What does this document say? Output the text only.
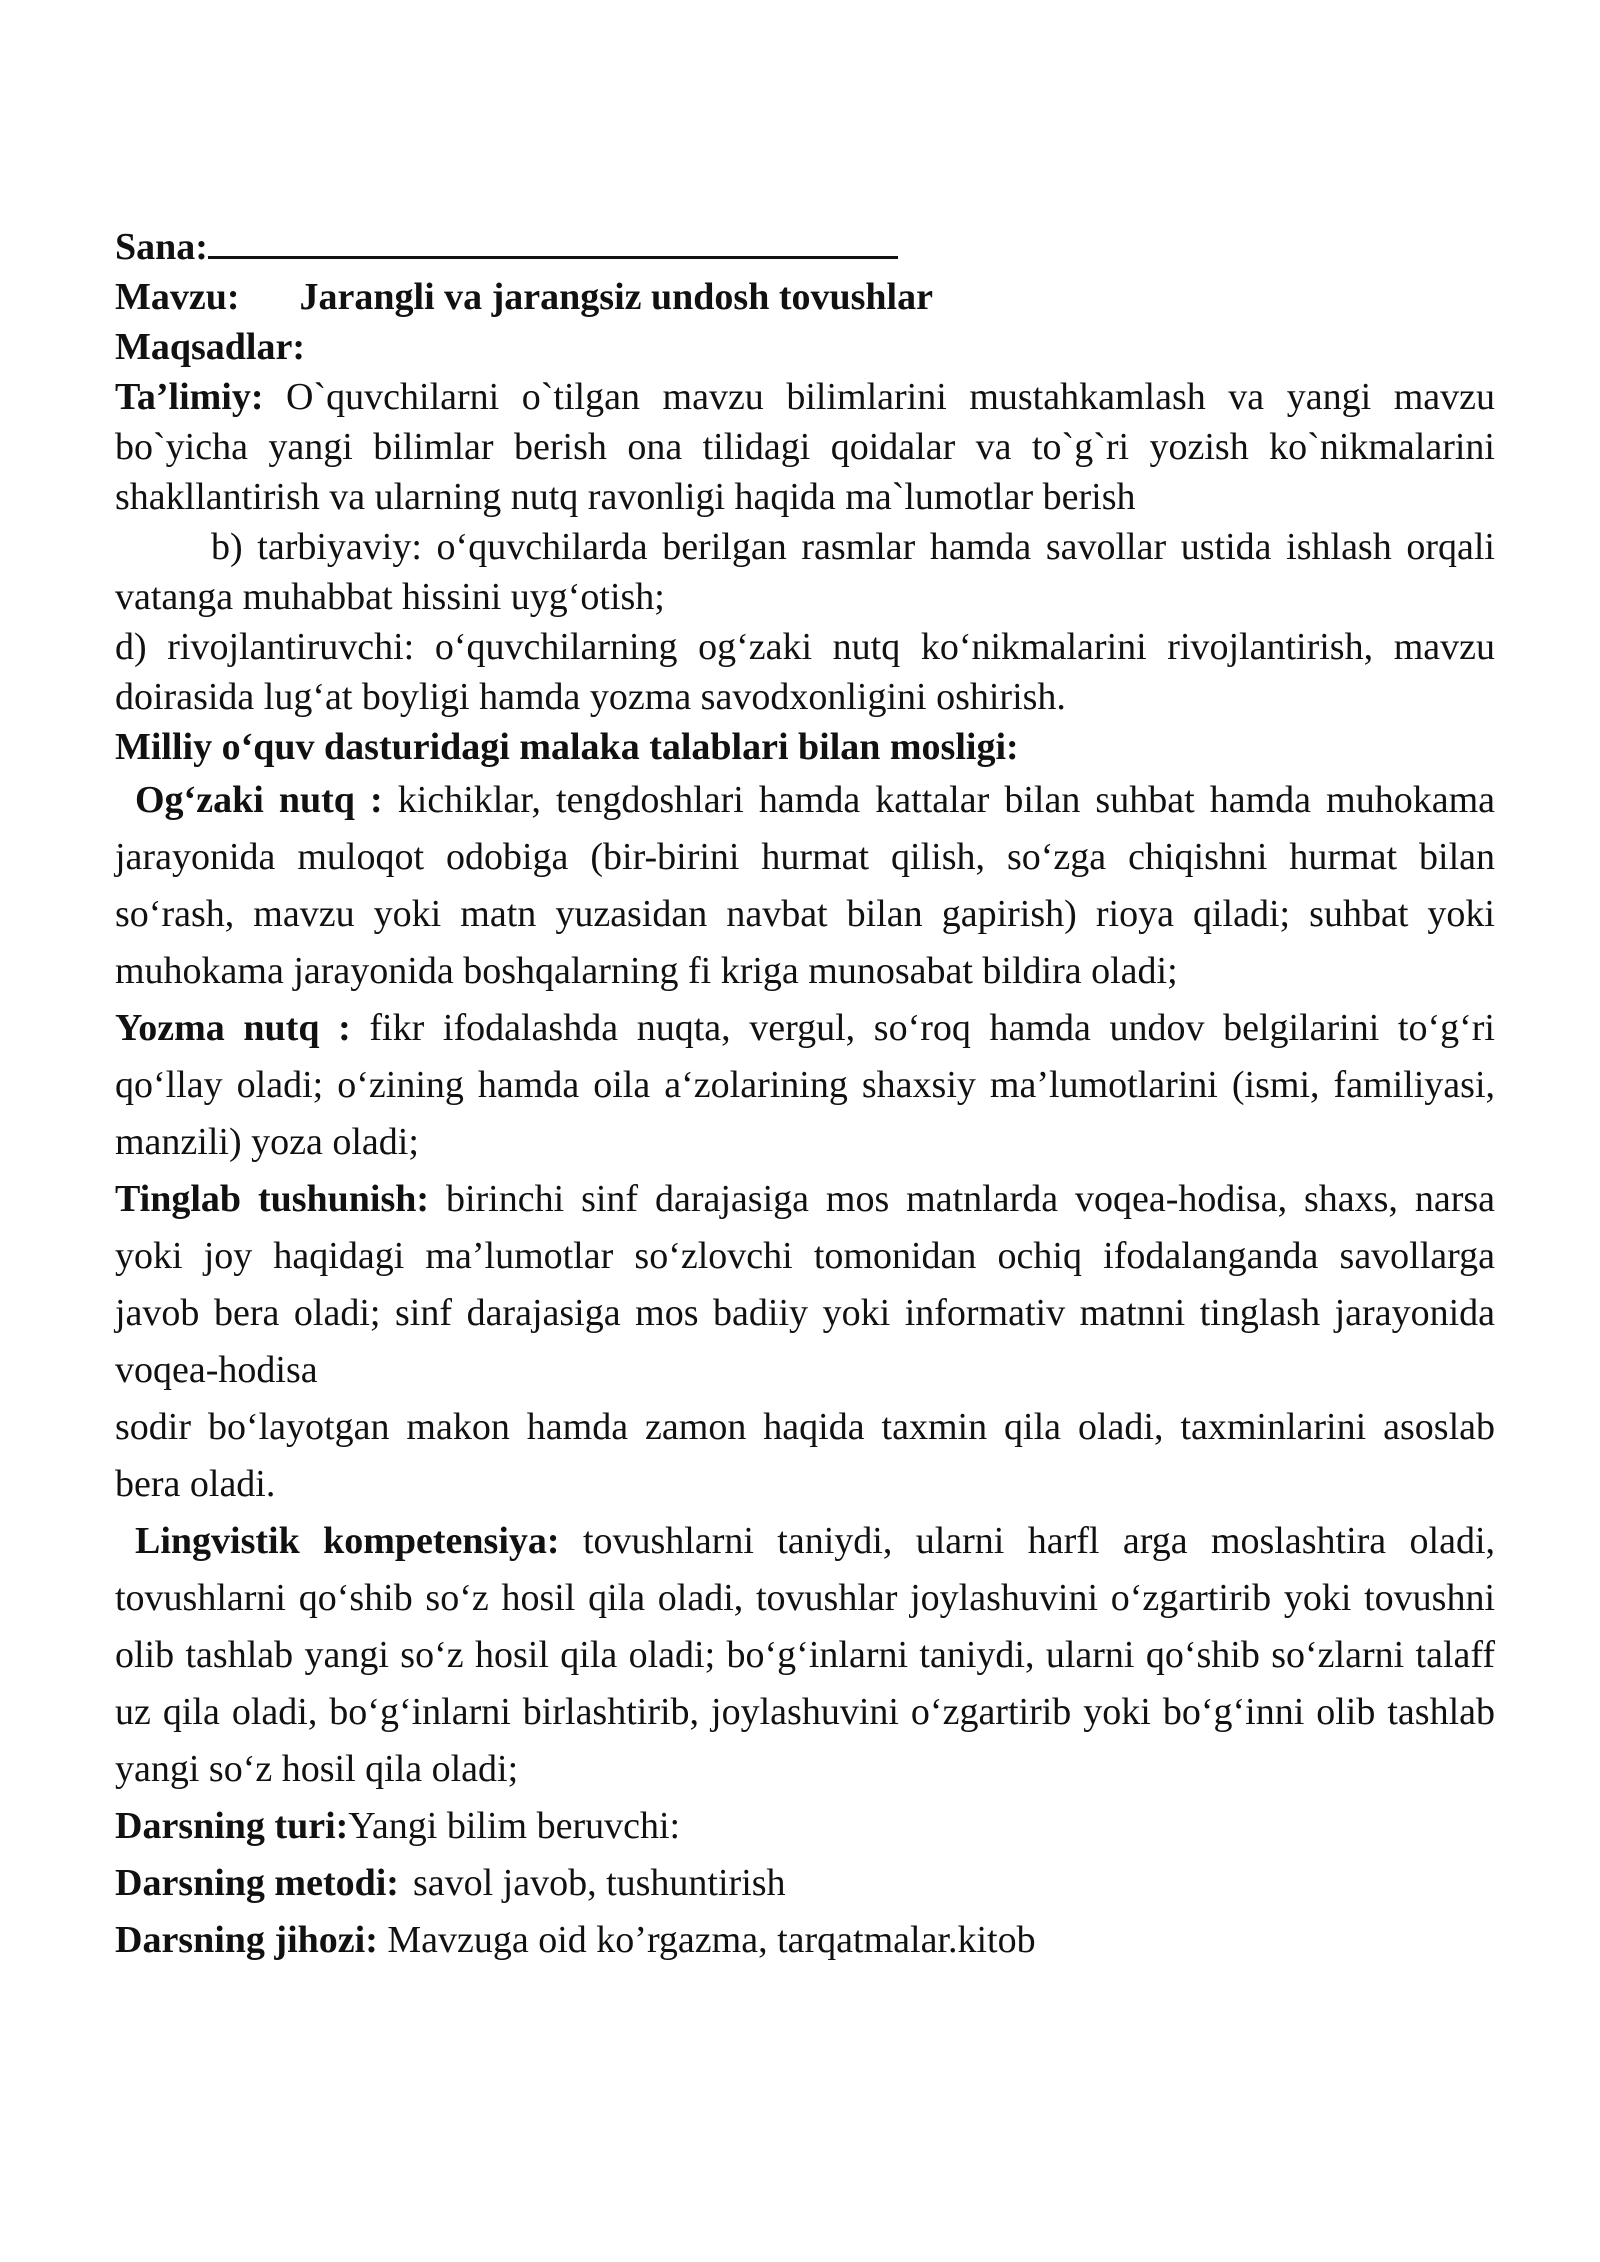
Sana:

Mavzu: Jarangli va jarangsiz undosh tovushlar

Maqsadlar:

Ta’limiy: O`quvchilarni o`tilgan mavzu bilimlarini mustahkamlash va yangi mavzu bo`yicha yangi bilimlar berish ona tilidagi qoidalar va to`g`ri yozish ko`nikmalarini shakllantirish va ularning nutq ravonligi haqida ma`lumotlar berish

b) tarbiyaviy: o‘quvchilarda berilgan rasmlar hamda savollar ustida ishlash orqali vatanga muhabbat hissini uyg‘otish;

d) rivojlantiruvchi: o‘quvchilarning og‘zaki nutq ko‘nikmalarini rivojlantirish, mavzu doirasida lug‘at boyligi hamda yozma savodxonligini oshirish.

Milliy o‘quv dasturidagi malaka talablari bilan mosligi:

Og‘zaki nutq : kichiklar, tengdoshlari hamda kattalar bilan suhbat hamda muhokama jarayonida muloqot odobiga (bir-birini hurmat qilish, so‘zga chiqishni hurmat bilan so‘rash, mavzu yoki matn yuzasidan navbat bilan gapirish) rioya qiladi; suhbat yoki muhokama jarayonida boshqalarning fi kriga munosabat bildira oladi;

Yozma nutq : fikr ifodalashda nuqta, vergul, so‘roq hamda undov belgilarini to‘g‘ri qo‘llay oladi; o‘zining hamda oila a‘zolarining shaxsiy ma’lumotlarini (ismi, familiyasi, manzili) yoza oladi;

Tinglab tushunish: birinchi sinf darajasiga mos matnlarda voqea-hodisa, shaxs, narsa yoki joy haqidagi ma’lumotlar so‘zlovchi tomonidan ochiq ifodalanganda savollarga javob bera oladi; sinf darajasiga mos badiiy yoki informativ matnni tinglash jarayonida voqea-hodisa

sodir bo‘layotgan makon hamda zamon haqida taxmin qila oladi, taxminlarini asoslab bera oladi.

Lingvistik kompetensiya: tovushlarni taniydi, ularni harfl arga moslashtira oladi, tovushlarni qo‘shib so‘z hosil qila oladi, tovushlar joylashuvini o‘zgartirib yoki tovushni olib tashlab yangi so‘z hosil qila oladi; bo‘g‘inlarni taniydi, ularni qo‘shib so‘zlarni talaff uz qila oladi, bo‘g‘inlarni birlashtirib, joylashuvini o‘zgartirib yoki bo‘g‘inni olib tashlab yangi so‘z hosil qila oladi;

Darsning turi:Yangi bilim beruvchi:

Darsning metodi: savol javob, tushuntirish

Darsning jihozi: Mavzuga oid ko’rgazma, tarqatmalar.kitob
